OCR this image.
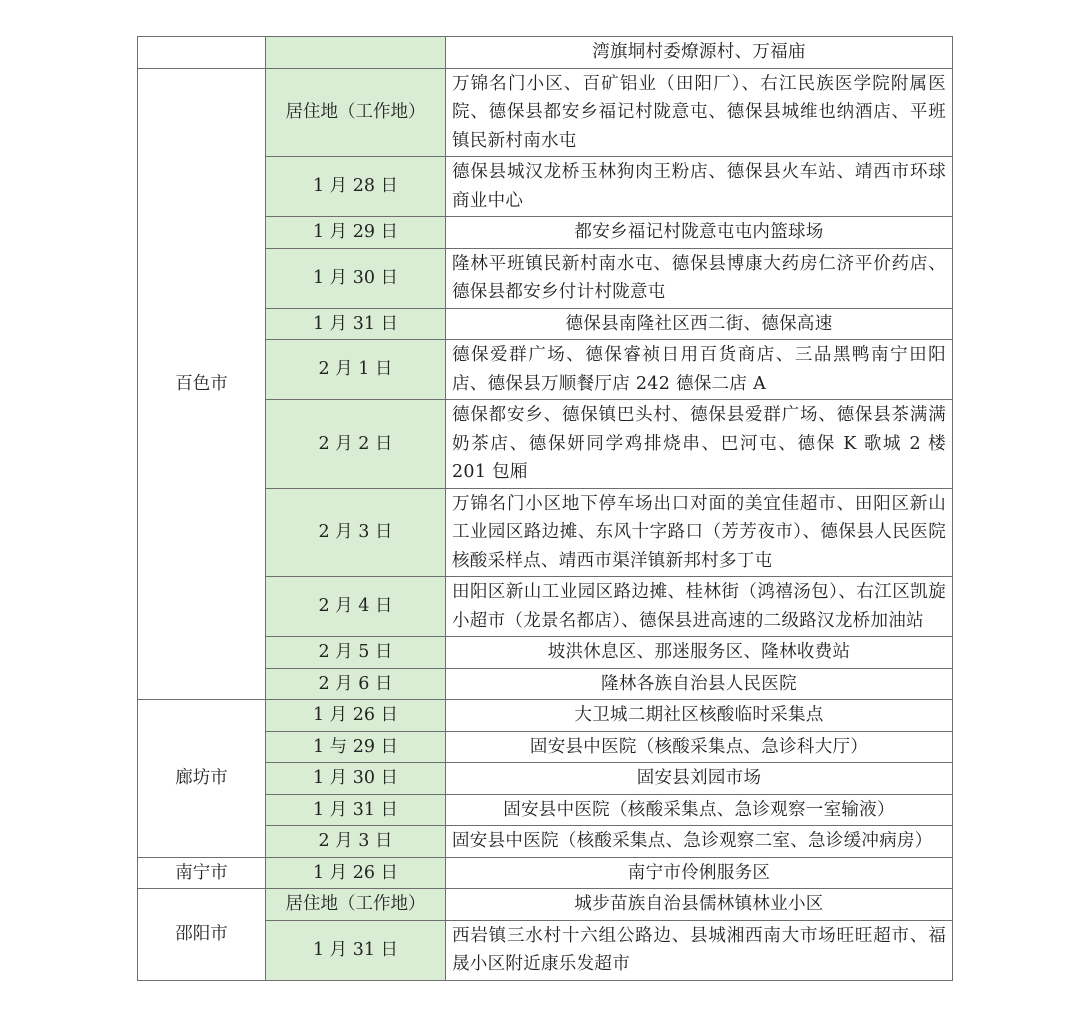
		湾旗垌村委燎源村、万福庙
百色市	居住地（工作地）	万锦名门小区、百矿铝业（田阳厂）、右江民族医学院附属医院、德保县都安乡福记村陇意屯、德保县城维也纳酒店、平班镇民新村南水屯
	1 月 28 日	德保县城汉龙桥玉林狗肉王粉店、德保县火车站、靖西市环球商业中心
	1 月 29 日	都安乡福记村陇意屯屯内篮球场
	1 月 30 日	隆林平班镇民新村南水屯、德保县博康大药房仁济平价药店、德保县都安乡付计村陇意屯
	1 月 31 日	德保县南隆社区西二街、德保高速
	2 月 1 日	德保爱群广场、德保睿祯日用百货商店、三品黑鸭南宁田阳店、德保县万顺餐厅店 242 德保二店 A
	2 月 2 日	德保都安乡、德保镇巴头村、德保县爱群广场、德保县茶满满奶茶店、德保妍同学鸡排烧串、巴河屯、德保 K 歌城 2 楼 201 包厢
	2 月 3 日	万锦名门小区地下停车场出口对面的美宜佳超市、田阳区新山工业园区路边摊、东风十字路口（芳芳夜市）、德保县人民医院核酸采样点、靖西市渠洋镇新邦村多丁屯
	2 月 4 日	田阳区新山工业园区路边摊、桂林街（鸿禧汤包）、右江区凯旋小超市（龙景名都店）、德保县进高速的二级路汉龙桥加油站
	2 月 5 日	坡洪休息区、那迷服务区、隆林收费站
	2 月 6 日	隆林各族自治县人民医院
廊坊市	1 月 26 日	大卫城二期社区核酸临时采集点
	1 与 29 日	固安县中医院（核酸采集点、急诊科大厅）
	1 月 30 日	固安县刘园市场
	1 月 31 日	固安县中医院（核酸采集点、急诊观察一室输液）
	2 月 3 日	固安县中医院（核酸采集点、急诊观察二室、急诊缓冲病房）
南宁市	1 月 26 日	南宁市伶俐服务区
邵阳市	居住地（工作地）	城步苗族自治县儒林镇林业小区
	1 月 31 日	西岩镇三水村十六组公路边、县城湘西南大市场旺旺超市、福晟小区附近康乐发超市
